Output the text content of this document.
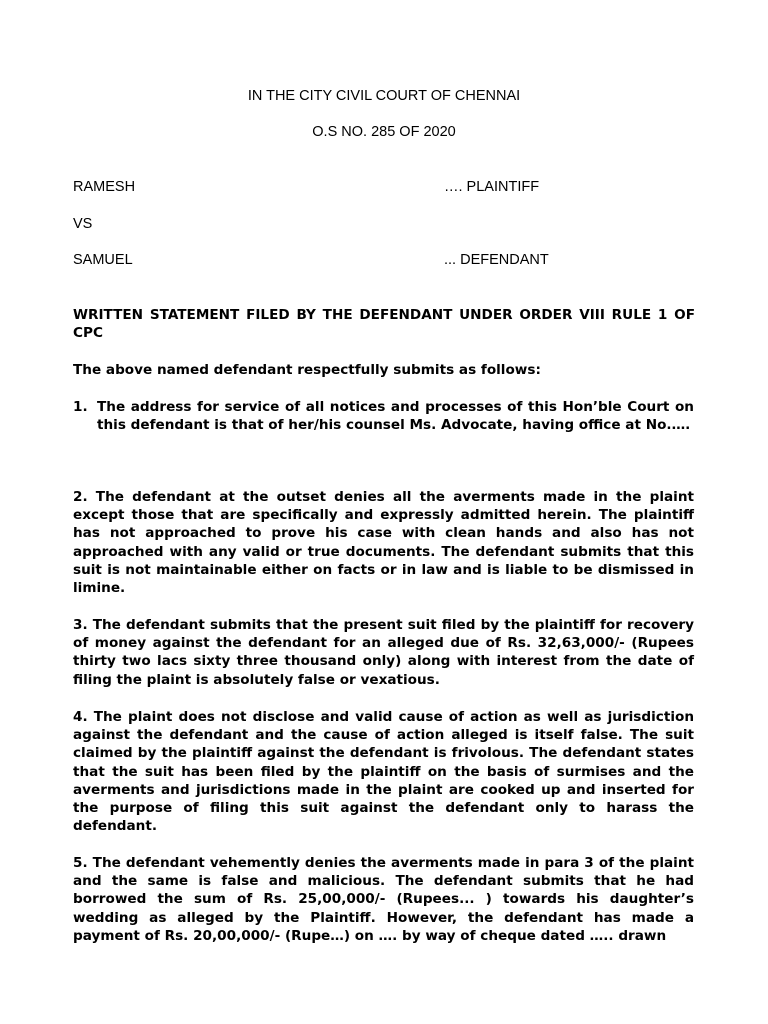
IN THE CITY CIVIL COURT OF CHENNAI
O.S NO. 285 OF 2020
RAMESH	…. PLAINTIFF
VS
SAMUEL	... DEFENDANT
WRITTEN STATEMENT FILED BY THE DEFENDANT UNDER ORDER VIII RULE 1 OF CPC
The above named defendant respectfully submits as follows:
1. The address for service of all notices and processes of this Hon’ble Court on this defendant is that of her/his counsel Ms. Advocate, having office at No.….
2. The defendant at the outset denies all the averments made in the plaint except those that are specifically and expressly admitted herein. The plaintiff has not approached to prove his case with clean hands and also has not approached with any valid or true documents. The defendant submits that this suit is not maintainable either on facts or in law and is liable to be dismissed in limine.
3. The defendant submits that the present suit filed by the plaintiff for recovery of money against the defendant for an alleged due of Rs. 32,63,000/- (Rupees thirty two lacs sixty three thousand only) along with interest from the date of filing the plaint is absolutely false or vexatious.
4. The plaint does not disclose and valid cause of action as well as jurisdiction against the defendant and the cause of action alleged is itself false. The suit claimed by the plaintiff against the defendant is frivolous. The defendant states that the suit has been filed by the plaintiff on the basis of surmises and the averments and jurisdictions made in the plaint are cooked up and inserted for the purpose of filing this suit against the defendant only to harass the defendant.
5. The defendant vehemently denies the averments made in para 3 of the plaint and the same is false and malicious. The defendant submits that he had borrowed the sum of Rs. 25,00,000/- (Rupees... ) towards his daughter’s wedding as alleged by the Plaintiff. However, the defendant has made a payment of Rs. 20,00,000/- (Rupe…) on …. by way of cheque dated ….. drawn
